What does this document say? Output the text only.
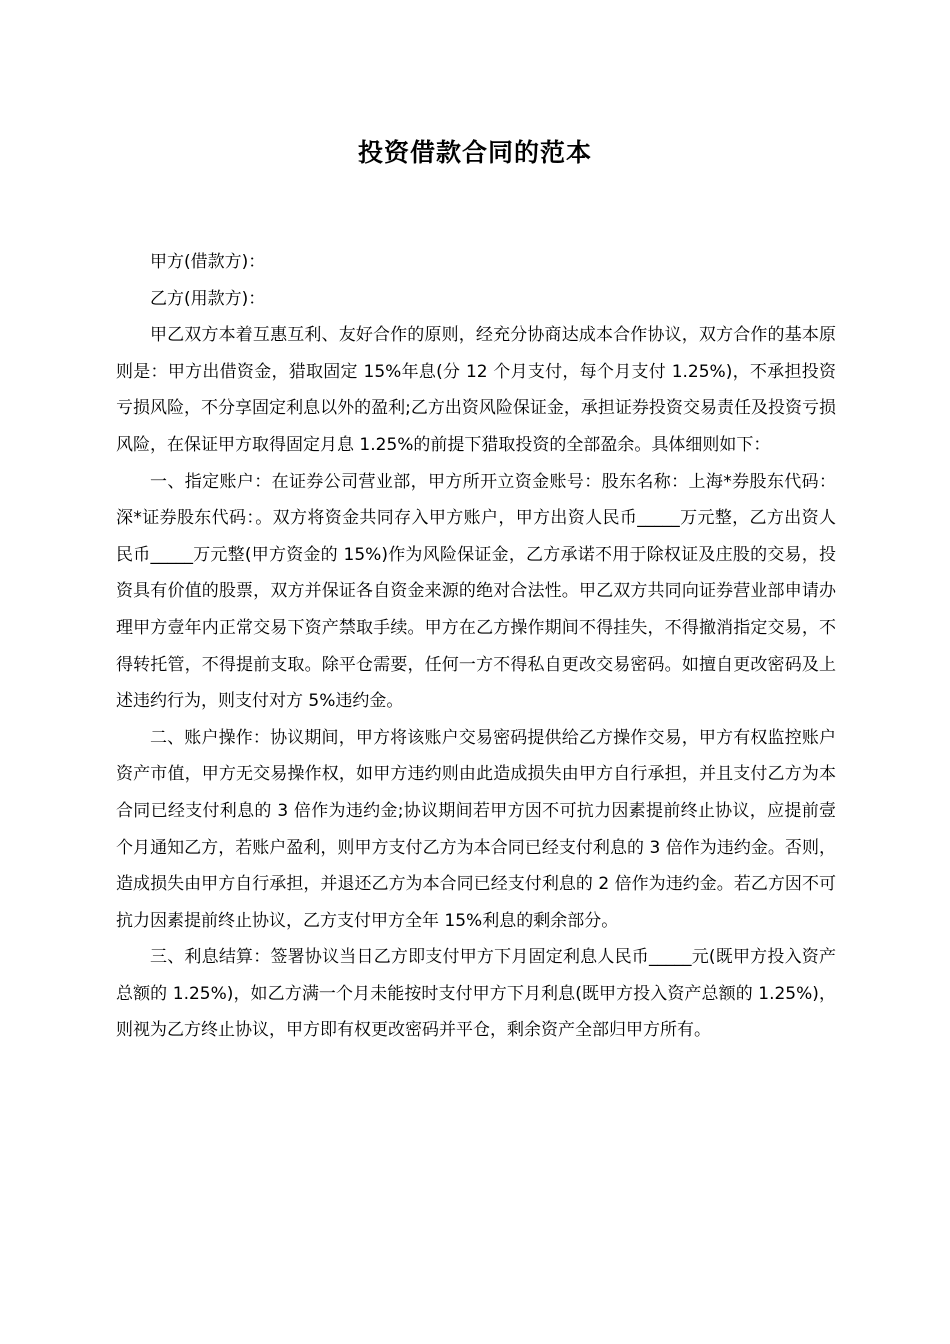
投资借款合同的范本

甲方(借款方)：

乙方(用款方)：

甲乙双方本着互惠互利、友好合作的原则，经充分协商达成本合作协议，双方合作的基本原则是：甲方出借资金，猎取固定 15%年息(分 12 个月支付，每个月支付 1.25%)，不承担投资亏损风险，不分享固定利息以外的盈利;乙方出资风险保证金，承担证券投资交易责任及投资亏损风险，在保证甲方取得固定月息 1.25%的前提下猎取投资的全部盈余。具体细则如下：

一、指定账户：在证券公司营业部，甲方所开立资金账号：股东名称：上海*券股东代码：深*证券股东代码：。双方将资金共同存入甲方账户，甲方出资人民币_____万元整，乙方出资人民币_____万元整(甲方资金的 15%)作为风险保证金，乙方承诺不用于除权证及庄股的交易，投资具有价值的股票，双方并保证各自资金来源的绝对合法性。甲乙双方共同向证券营业部申请办理甲方壹年内正常交易下资产禁取手续。甲方在乙方操作期间不得挂失，不得撤消指定交易，不得转托管，不得提前支取。除平仓需要，任何一方不得私自更改交易密码。如擅自更改密码及上述违约行为，则支付对方 5%违约金。

二、账户操作：协议期间，甲方将该账户交易密码提供给乙方操作交易，甲方有权监控账户资产市值，甲方无交易操作权，如甲方违约则由此造成损失由甲方自行承担，并且支付乙方为本合同已经支付利息的 3 倍作为违约金;协议期间若甲方因不可抗力因素提前终止协议，应提前壹个月通知乙方，若账户盈利，则甲方支付乙方为本合同已经支付利息的 3 倍作为违约金。否则，造成损失由甲方自行承担，并退还乙方为本合同已经支付利息的 2 倍作为违约金。若乙方因不可抗力因素提前终止协议，乙方支付甲方全年 15%利息的剩余部分。

三、利息结算：签署协议当日乙方即支付甲方下月固定利息人民币_____元(既甲方投入资产总额的 1.25%)，如乙方满一个月未能按时支付甲方下月利息(既甲方投入资产总额的 1.25%)，则视为乙方终止协议，甲方即有权更改密码并平仓，剩余资产全部归甲方所有。
